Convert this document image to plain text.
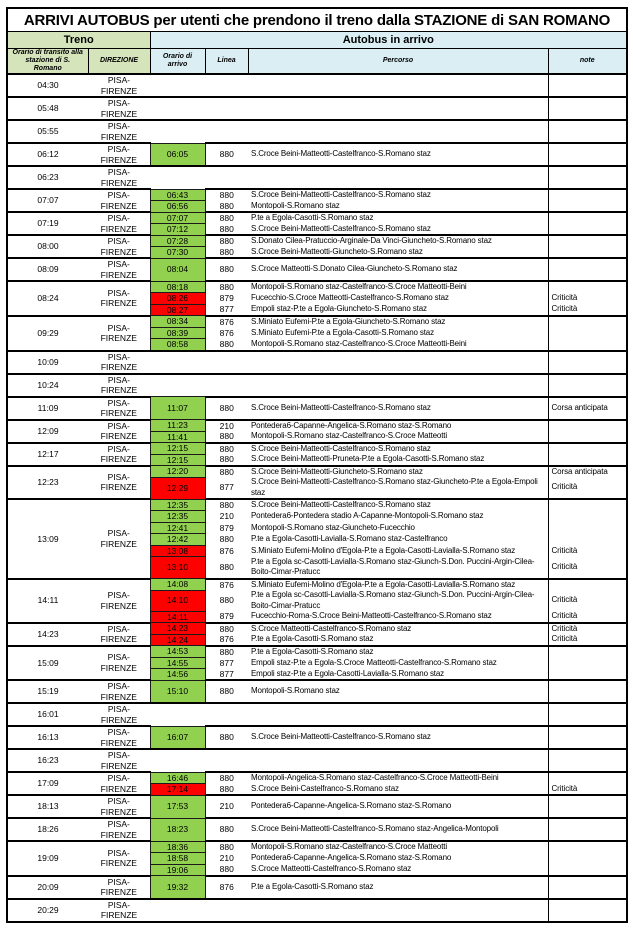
ARRIVI AUTOBUS per utenti che prendono il treno dalla STAZIONE di SAN ROMANO					
Treno		Autobus in arrivo			
Orario di transito alla stazione di S. Romano	DIREZIONE	Orario di arrivo	Linea	Percorso	note
04:30	PISA-FIRENZE				
05:48	PISA-FIRENZE				
05:55	PISA-FIRENZE				
06:12	PISA-FIRENZE	06:05	880	S.Croce Beini-Matteotti-Castelfranco-S.Romano staz	
06:23	PISA-FIRENZE				
07:07	PISA-FIRENZE	06:43	880	S.Croce Beini-Matteotti-Castelfranco-S.Romano staz	
		06:56	880	Montopoli-S.Romano staz	
07:19	PISA-FIRENZE	07:07	880	P.te a Egola-Casotti-S.Romano staz	
		07:12	880	S.Croce Beini-Matteotti-Castelfranco-S.Romano staz	
08:00	PISA-FIRENZE	07:28	880	S.Donato Cilea-Pratuccio-Arginale-Da Vinci-Giuncheto-S.Romano staz	
		07:30	880	S.Croce Beini-Matteotti-Giuncheto-S.Romano staz	
08:09	PISA-FIRENZE	08:04	880	S.Croce Matteotti-S.Donato Cilea-Giuncheto-S.Romano staz	
08:24	PISA-FIRENZE	08:18	880	Montopoli-S.Romano staz-Castelfranco-S.Croce Matteotti-Beini	
		08:26	879	Fucecchio-S.Croce Matteotti-Castelfranco-S.Romano staz	Criticità
		08:27	877	Empoli staz-P.te a Egola-Giuncheto-S.Romano staz	Criticità
09:29	PISA-FIRENZE	08:34	876	S.Miniato Eufemi-P.te a Egola-Giuncheto-S.Romano staz	
		08:39	876	S.Miniato Eufemi-P.te a Egola-Casotti-S.Romano staz	
		08:58	880	Montopoli-S.Romano staz-Castelfranco-S.Croce Matteotti-Beini	
10:09	PISA-FIRENZE				
10:24	PISA-FIRENZE				
11:09	PISA-FIRENZE	11:07	880	S.Croce Beini-Matteotti-Castelfranco-S.Romano staz	Corsa anticipata
12:09	PISA-FIRENZE	11:23	210	Pontedera6-Capanne-Angelica-S.Romano staz-S.Romano	
		11:41	880	Montopoli-S.Romano staz-Castelfranco-S.Croce Matteotti	
12:17	PISA-FIRENZE	12:15	880	S.Croce Beini-Matteotti-Castelfranco-S.Romano staz	
		12:15	880	S.Croce Beini-Matteotti-Pruneta-P.te a Egola-Casotti-S.Romano staz	
12:23	PISA-FIRENZE	12:20	880	S.Croce Beini-Matteotti-Giuncheto-S.Romano staz	Corsa anticipata
		12:29	877	S.Croce Beini-Matteotti-Castelfranco-S.Romano staz-Giuncheto-P.te a Egola-Empoli staz	Criticità
13:09	PISA-FIRENZE	12:35	880	S.Croce Beini-Matteotti-Castelfranco-S.Romano staz	
		12:35	210	Pontedera6-Pontedera stadio A-Capanne-Montopoli-S.Romano staz	
		12:41	879	Montopoli-S.Romano staz-Giuncheto-Fucecchio	
		12:42	880	P.te a Egola-Casotti-Lavialla-S.Romano staz-Castelfranco	
		13:08	876	S.Miniato Eufemi-Molino d'Egola-P.te a Egola-Casotti-Lavialla-S.Romano staz	Criticità
		13:10	880	P.te a Egola sc-Casotti-Lavialla-S.Romano staz-Giunch-S.Don. Puccini-Argin-Cilea-Boito-Cimar-Pratucc	Criticità
14:11	PISA-FIRENZE	14:08	876	S.Miniato Eufemi-Molino d'Egola-P.te a Egola-Casotti-Lavialla-S.Romano staz	
		14:10	880	P.te a Egola sc-Casotti-Lavialla-S.Romano staz-Giunch-S.Don. Puccini-Argin-Cilea-Boito-Cimar-Pratucc	Criticità
		14:11	879	Fucecchio-Roma-S.Croce Beini-Matteotti-Castelfranco-S.Romano staz	Criticità
14:23	PISA-FIRENZE	14:23	880	S.Croce Matteotti-Castelfranco-S.Romano staz	Criticità
		14:24	876	P.te a Egola-Casotti-S.Romano staz	Criticità
15:09	PISA-FIRENZE	14:53	880	P.te a Egola-Casotti-S.Romano staz	
		14:55	877	Empoli staz-P.te a Egola-S.Croce Matteotti-Castelfranco-S.Romano staz	
		14:56	877	Empoli staz-P.te a Egola-Casotti-Lavialla-S.Romano staz	
15:19	PISA-FIRENZE	15:10	880	Montopoli-S.Romano staz	
16:01	PISA-FIRENZE				
16:13	PISA-FIRENZE	16:07	880	S.Croce Beini-Matteotti-Castelfranco-S.Romano staz	
16:23	PISA-FIRENZE				
17:09	PISA-FIRENZE	16:46	880	Montopoli-Angelica-S.Romano staz-Castelfranco-S.Croce Matteotti-Beini	
		17:14	880	S.Croce Beini-Castelfranco-S.Romano staz	Criticità
18:13	PISA-FIRENZE	17:53	210	Pontedera6-Capanne-Angelica-S.Romano staz-S.Romano	
18:26	PISA-FIRENZE	18:23	880	S.Croce Beini-Matteotti-Castelfranco-S.Romano staz-Angelica-Montopoli	
19:09	PISA-FIRENZE	18:36	880	Montopoli-S.Romano staz-Castelfranco-S.Croce Matteotti	
		18:58	210	Pontedera6-Capanne-Angelica-S.Romano staz-S.Romano	
		19:06	880	S.Croce Matteotti-Castelfranco-S.Romano staz	
20:09	PISA-FIRENZE	19:32	876	P.te a Egola-Casotti-S.Romano staz	
20:29	PISA-FIRENZE				
